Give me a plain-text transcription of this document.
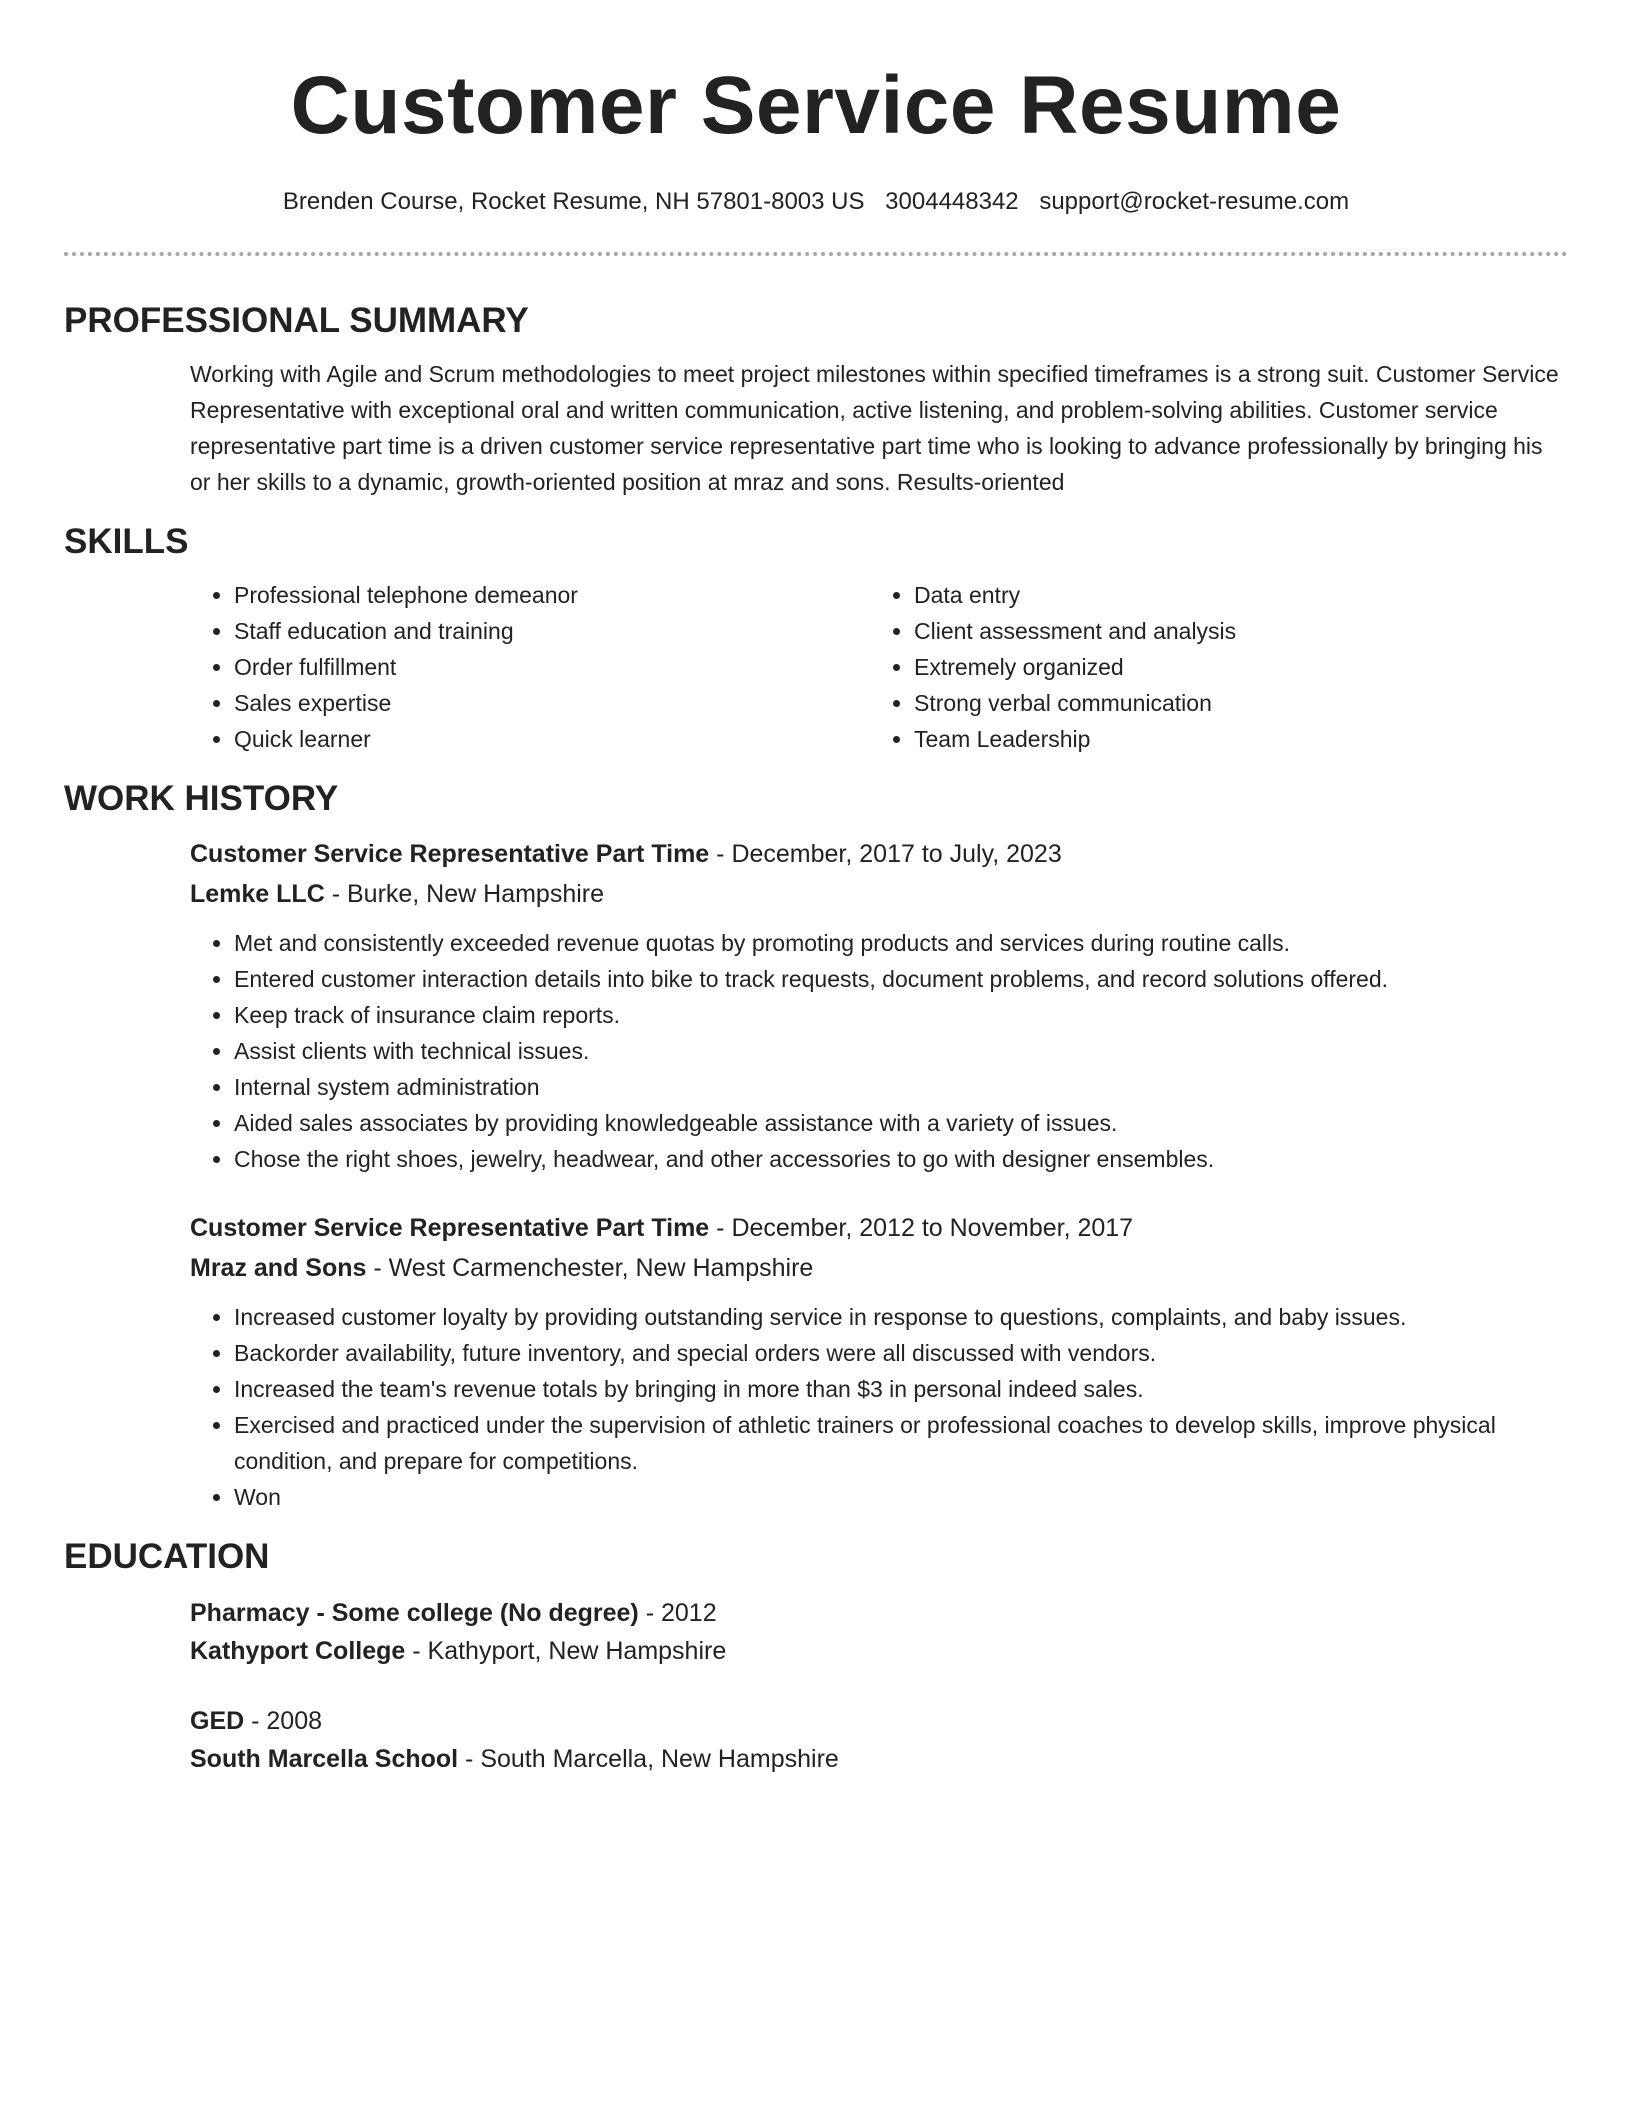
Customer Service Resume
Brenden Course, Rocket Resume, NH 57801-8003 US 3004448342 support@rocket-resume.com
PROFESSIONAL SUMMARY
Working with Agile and Scrum methodologies to meet project milestones within specified timeframes is a strong suit. Customer Service Representative with exceptional oral and written communication, active listening, and problem-solving abilities. Customer service representative part time is a driven customer service representative part time who is looking to advance professionally by bringing his or her skills to a dynamic, growth-oriented position at mraz and sons. Results-oriented
SKILLS
• Professional telephone demeanor
• Staff education and training
• Order fulfillment
• Sales expertise
• Quick learner
• Data entry
• Client assessment and analysis
• Extremely organized
• Strong verbal communication
• Team Leadership
WORK HISTORY
Customer Service Representative Part Time - December, 2017 to July, 2023
Lemke LLC - Burke, New Hampshire
• Met and consistently exceeded revenue quotas by promoting products and services during routine calls.
• Entered customer interaction details into bike to track requests, document problems, and record solutions offered.
• Keep track of insurance claim reports.
• Assist clients with technical issues.
• Internal system administration
• Aided sales associates by providing knowledgeable assistance with a variety of issues.
• Chose the right shoes, jewelry, headwear, and other accessories to go with designer ensembles.
Customer Service Representative Part Time - December, 2012 to November, 2017
Mraz and Sons - West Carmenchester, New Hampshire
• Increased customer loyalty by providing outstanding service in response to questions, complaints, and baby issues.
• Backorder availability, future inventory, and special orders were all discussed with vendors.
• Increased the team's revenue totals by bringing in more than $3 in personal indeed sales.
• Exercised and practiced under the supervision of athletic trainers or professional coaches to develop skills, improve physical condition, and prepare for competitions.
• Won
EDUCATION
Pharmacy - Some college (No degree) - 2012
Kathyport College - Kathyport, New Hampshire
GED - 2008
South Marcella School - South Marcella, New Hampshire
